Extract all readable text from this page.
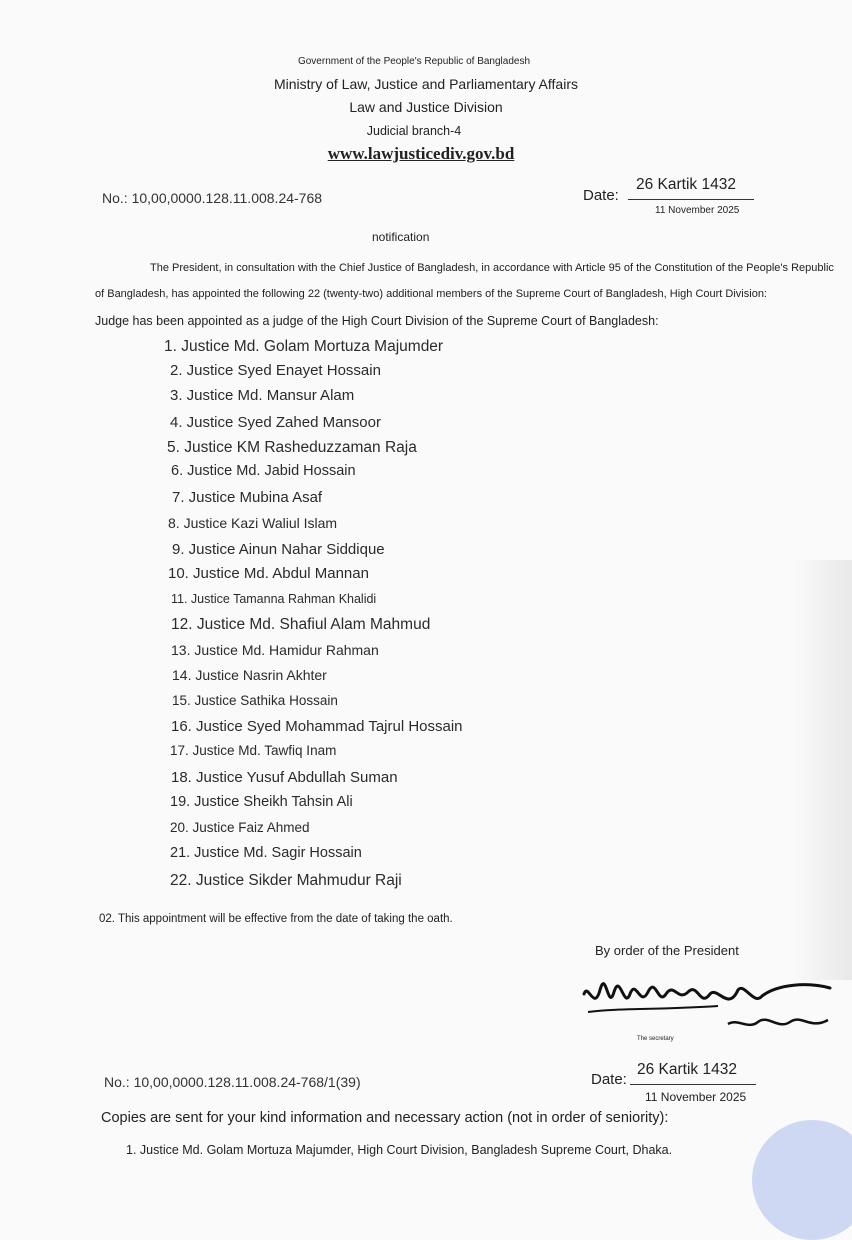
Government of the People's Republic of Bangladesh
Ministry of Law, Justice and Parliamentary Affairs
Law and Justice Division
Judicial branch-4
www.lawjusticediv.gov.bd
No.: 10,00,0000.128.11.008.24-768	Date:
26 Kartik 1432
11 November 2025
notification
The President, in consultation with the Chief Justice of Bangladesh, in accordance with Article 95 of the Constitution of the People's Republic
of Bangladesh, has appointed the following 22 (twenty-two) additional members of the Supreme Court of Bangladesh, High Court Division:
Judge has been appointed as a judge of the High Court Division of the Supreme Court of Bangladesh:
1. Justice Md. Golam Mortuza Majumder
2. Justice Syed Enayet Hossain
3. Justice Md. Mansur Alam
4. Justice Syed Zahed Mansoor
5. Justice KM Rasheduzzaman Raja
6. Justice Md. Jabid Hossain
7. Justice Mubina Asaf
8. Justice Kazi Waliul Islam
9. Justice Ainun Nahar Siddique
10. Justice Md. Abdul Mannan
11. Justice Tamanna Rahman Khalidi
12. Justice Md. Shafiul Alam Mahmud
13. Justice Md. Hamidur Rahman
14. Justice Nasrin Akhter
15. Justice Sathika Hossain
16. Justice Syed Mohammad Tajrul Hossain
17. Justice Md. Tawfiq Inam
18. Justice Yusuf Abdullah Suman
19. Justice Sheikh Tahsin Ali
20. Justice Faiz Ahmed
21. Justice Md. Sagir Hossain
22. Justice Sikder Mahmudur Raji
02. This appointment will be effective from the date of taking the oath.
By order of the President
The secretary
No.: 10,00,0000.128.11.008.24-768/1(39)	Date:
26 Kartik 1432
11 November 2025
Copies are sent for your kind information and necessary action (not in order of seniority):
1. Justice Md. Golam Mortuza Majumder, High Court Division, Bangladesh Supreme Court, Dhaka.
